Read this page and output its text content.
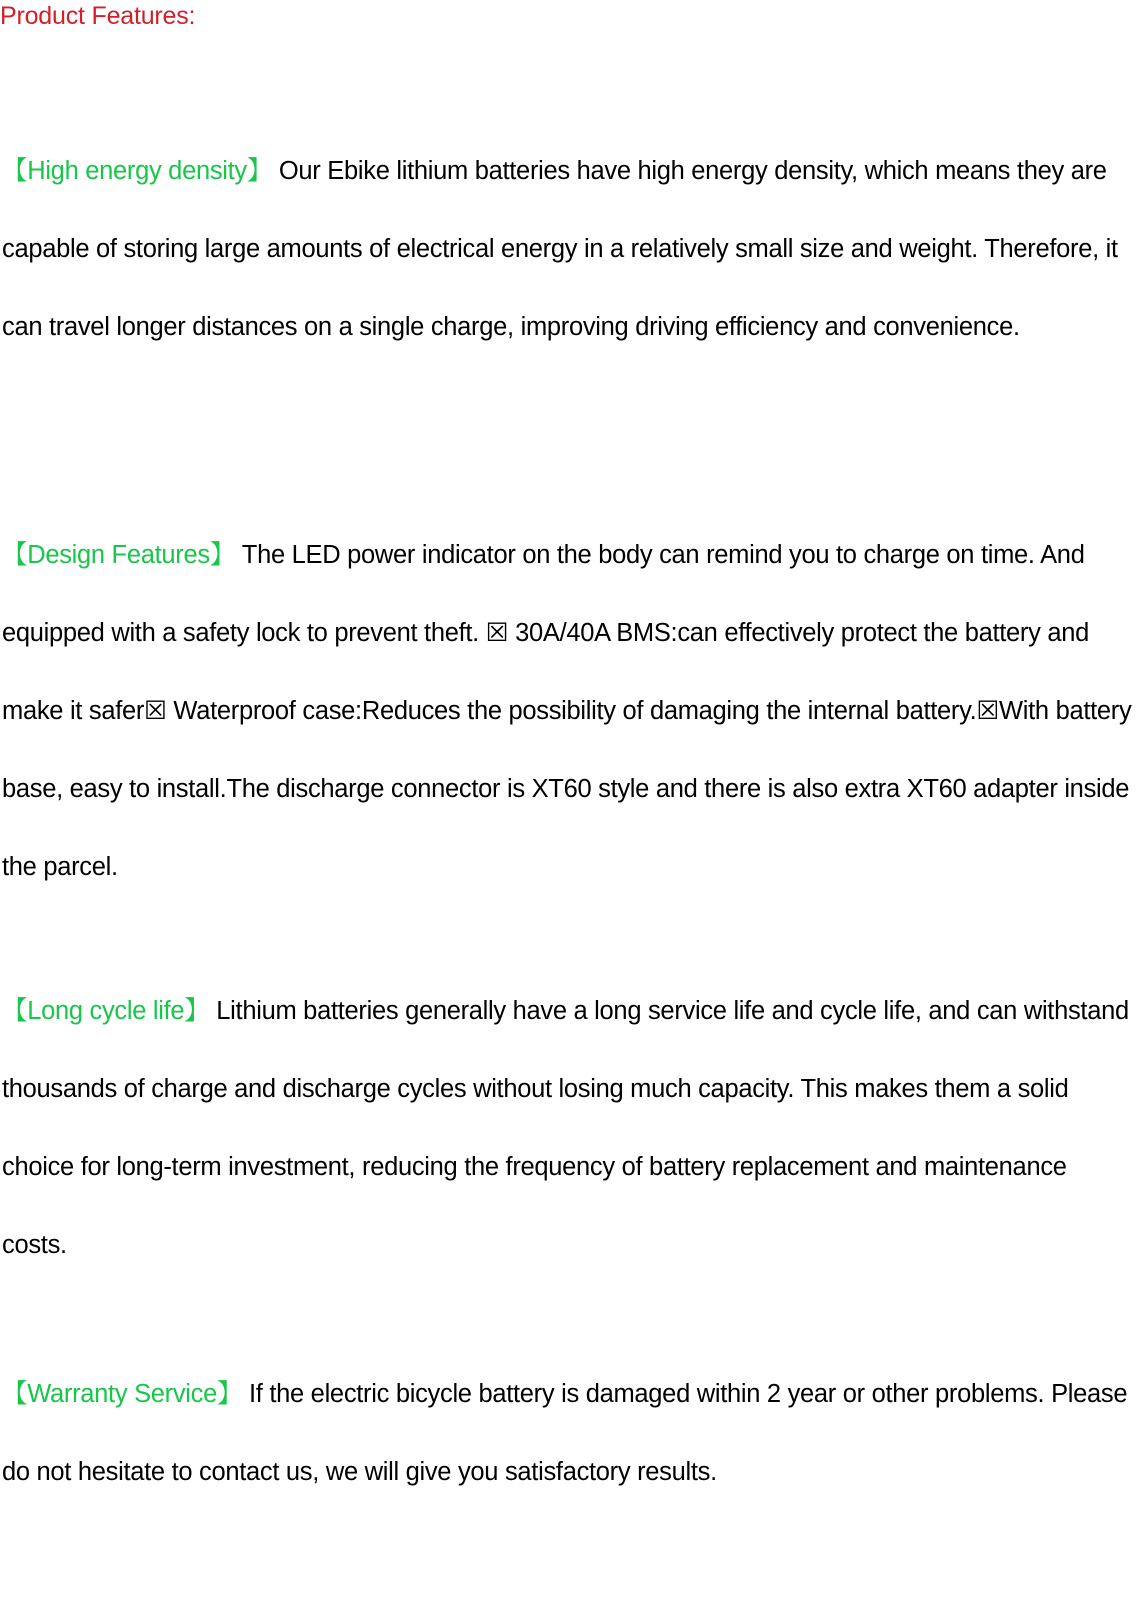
Product Features:

【High energy density】 Our Ebike lithium batteries have high energy density, which means they are capable of storing large amounts of electrical energy in a relatively small size and weight. Therefore, it can travel longer distances on a single charge, improving driving efficiency and convenience.

【Design Features】 The LED power indicator on the body can remind you to charge on time. And equipped with a safety lock to prevent theft. ☒ 30A/40A BMS:can effectively protect the battery and make it safer☒ Waterproof case:Reduces the possibility of damaging the internal battery.☒With battery base, easy to install.The discharge connector is XT60 style and there is also extra XT60 adapter inside the parcel.

【Long cycle life】 Lithium batteries generally have a long service life and cycle life, and can withstand thousands of charge and discharge cycles without losing much capacity. This makes them a solid choice for long-term investment, reducing the frequency of battery replacement and maintenance costs.

【Warranty Service】 If the electric bicycle battery is damaged within 2 year or other problems. Please do not hesitate to contact us, we will give you satisfactory results.
